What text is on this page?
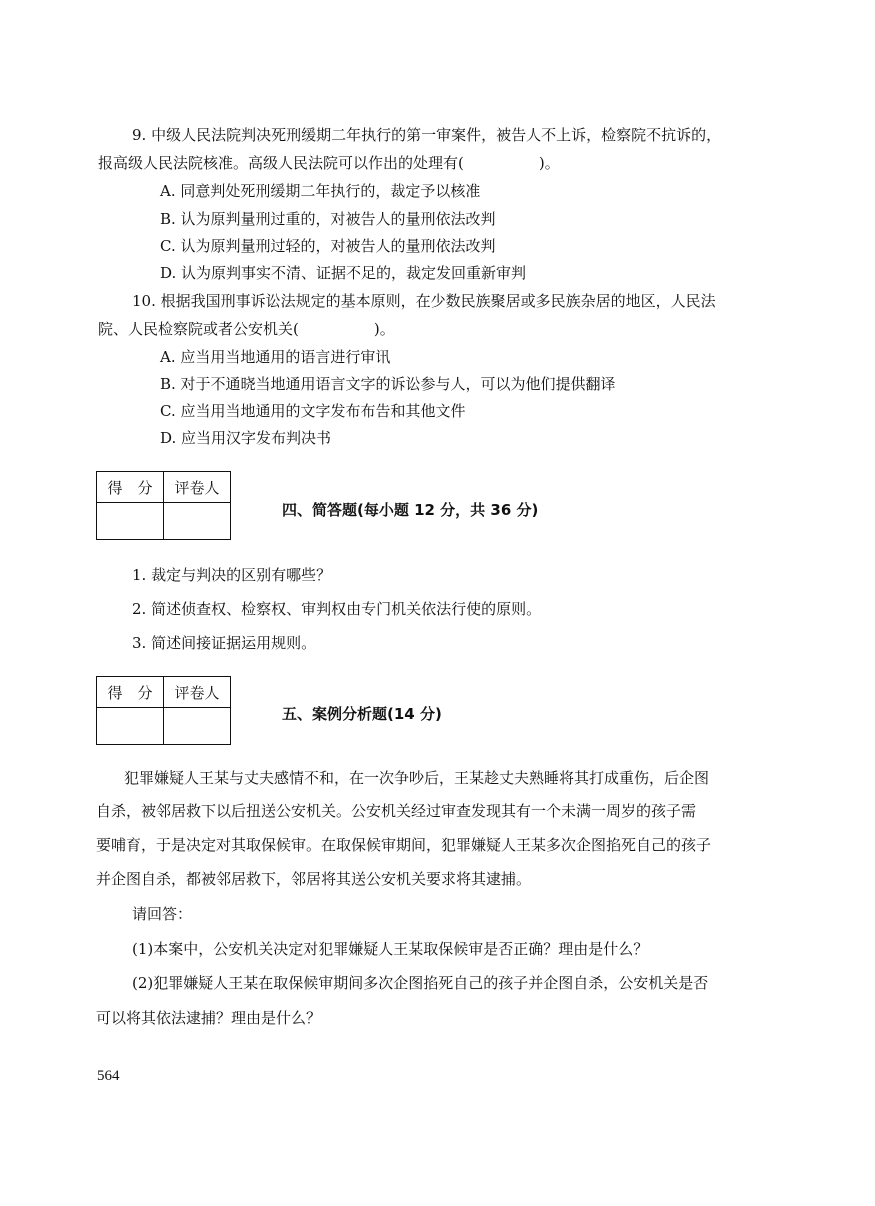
9. 中级人民法院判决死刑缓期二年执行的第一审案件，被告人不上诉，检察院不抗诉的，
报高级人民法院核准。高级人民法院可以作出的处理有(　　　　　)。
A. 同意判处死刑缓期二年执行的，裁定予以核准
B. 认为原判量刑过重的，对被告人的量刑依法改判
C. 认为原判量刑过轻的，对被告人的量刑依法改判
D. 认为原判事实不清、证据不足的，裁定发回重新审判
10. 根据我国刑事诉讼法规定的基本原则，在少数民族聚居或多民族杂居的地区，人民法
院、人民检察院或者公安机关(　　　　　)。
A. 应当用当地通用的语言进行审讯
B. 对于不通晓当地通用语言文字的诉讼参与人，可以为他们提供翻译
C. 应当用当地通用的文字发布布告和其他文件
D. 应当用汉字发布判决书
得　分	评卷人

四、简答题(每小题 12 分，共 36 分)
1. 裁定与判决的区别有哪些？
2. 简述侦查权、检察权、审判权由专门机关依法行使的原则。
3. 简述间接证据运用规则。
得　分	评卷人

五、案例分析题(14 分)
犯罪嫌疑人王某与丈夫感情不和，在一次争吵后，王某趁丈夫熟睡将其打成重伤，后企图
自杀，被邻居救下以后扭送公安机关。公安机关经过审查发现其有一个未满一周岁的孩子需
要哺育，于是决定对其取保候审。在取保候审期间，犯罪嫌疑人王某多次企图掐死自己的孩子
并企图自杀，都被邻居救下，邻居将其送公安机关要求将其逮捕。
请回答：
(1)本案中，公安机关决定对犯罪嫌疑人王某取保候审是否正确？理由是什么？
(2)犯罪嫌疑人王某在取保候审期间多次企图掐死自己的孩子并企图自杀，公安机关是否
可以将其依法逮捕？理由是什么？
564
